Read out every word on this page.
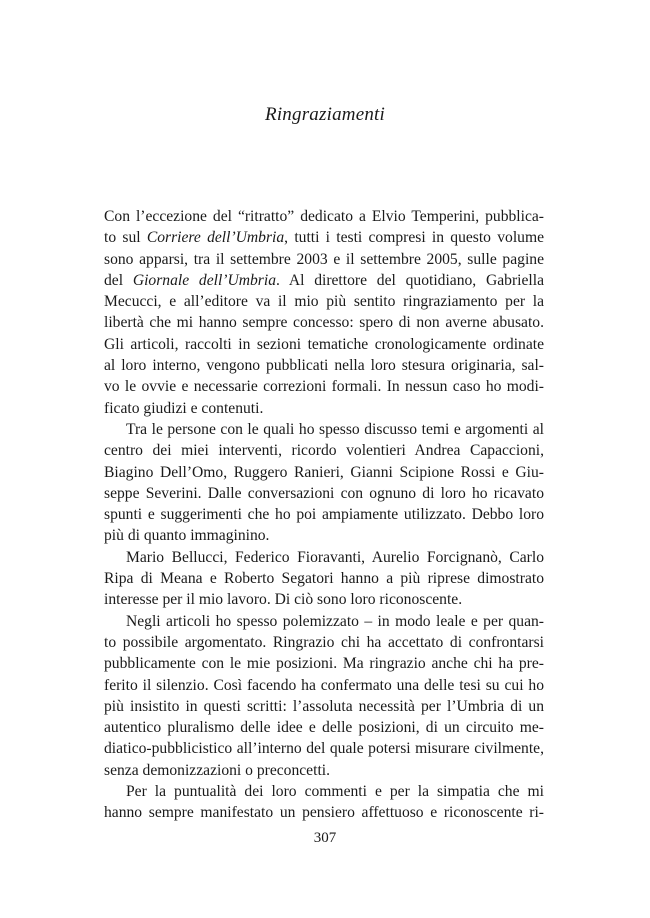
Ringraziamenti
Con l’eccezione del “ritratto” dedicato a Elvio Temperini, pubblica-
to sul Corriere dell’Umbria, tutti i testi compresi in questo volume
sono apparsi, tra il settembre 2003 e il settembre 2005, sulle pagine
del Giornale dell’Umbria. Al direttore del quotidiano, Gabriella
Mecucci, e all’editore va il mio più sentito ringraziamento per la
libertà che mi hanno sempre concesso: spero di non averne abusato.
Gli articoli, raccolti in sezioni tematiche cronologicamente ordinate
al loro interno, vengono pubblicati nella loro stesura originaria, sal-
vo le ovvie e necessarie correzioni formali. In nessun caso ho modi-
ficato giudizi e contenuti.
Tra le persone con le quali ho spesso discusso temi e argomenti al
centro dei miei interventi, ricordo volentieri Andrea Capaccioni,
Biagino Dell’Omo, Ruggero Ranieri, Gianni Scipione Rossi e Giu-
seppe Severini. Dalle conversazioni con ognuno di loro ho ricavato
spunti e suggerimenti che ho poi ampiamente utilizzato. Debbo loro
più di quanto immaginino.
Mario Bellucci, Federico Fioravanti, Aurelio Forcignanò, Carlo
Ripa di Meana e Roberto Segatori hanno a più riprese dimostrato
interesse per il mio lavoro. Di ciò sono loro riconoscente.
Negli articoli ho spesso polemizzato – in modo leale e per quan-
to possibile argomentato. Ringrazio chi ha accettato di confrontarsi
pubblicamente con le mie posizioni. Ma ringrazio anche chi ha pre-
ferito il silenzio. Così facendo ha confermato una delle tesi su cui ho
più insistito in questi scritti: l’assoluta necessità per l’Umbria di un
autentico pluralismo delle idee e delle posizioni, di un circuito me-
diatico-pubblicistico all’interno del quale potersi misurare civilmente,
senza demonizzazioni o preconcetti.
Per la puntualità dei loro commenti e per la simpatia che mi
hanno sempre manifestato un pensiero affettuoso e riconoscente ri-
307
